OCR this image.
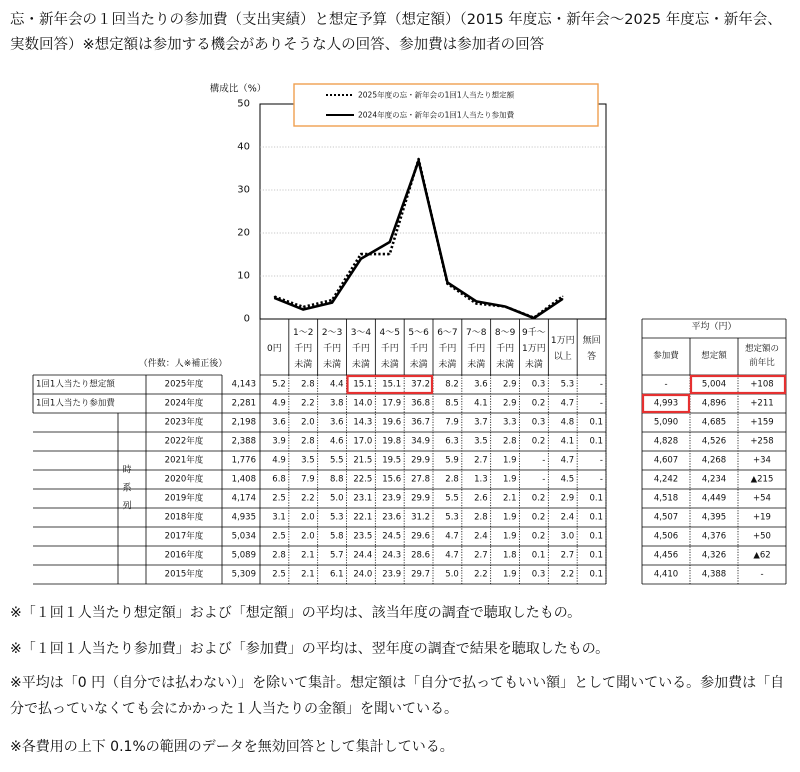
忘・新年会の１回当たりの参加費（支出実績）と想定予算（想定額）（2015 年度忘・新年会～2025 年度忘・新年会、実数回答）※想定額は参加する機会がありそうな人の回答、参加費は参加者の回答

0
10
20
30
40
50
構成比（%）
2025年度の忘・新年会の1回1人当たり想定額
2024年度の忘・新年会の1回1人当たり参加費
0円
1～2
千円
未満
2～3
千円
未満
3～4
千円
未満
4～5
千円
未満
5～6
千円
未満
6～7
千円
未満
7～8
千円
未満
8～9
千円
未満
9千～
1万円
未満
1万円
以上
無回
答
（件数：人※補正後）
平均（円）
参加費	想定額
想定額の
前年比
1回1人当たり想定額	2025年度	4,143 5.2 2.8 4.4 15.1 15.1 37.2 8.2 3.6 2.9 0.3 5.3	-	-	5,004	+108
1回1人当たり参加費	2024年度	2,281 4.9 2.2 3.8 14.0 17.9 36.8 8.5 4.1 2.9 0.2 4.7	-	4,993	4,896	+211
2023年度	2,198 3.6 2.0 3.6 14.3 19.6 36.7 7.9 3.7 3.3 0.3 4.8 0.1	5,090	4,685	+159
2022年度	2,388 3.9 2.8 4.6 17.0 19.8 34.9 6.3 3.5 2.8 0.2 4.1 0.1	4,828	4,526	+258
2021年度	1,776 4.9 3.5 5.5 21.5 19.5 29.9 5.9 2.7 1.9	- 4.7	-	4,607	4,268	+34
2020年度	1,408 6.8 7.9 8.8 22.5 15.6 27.8 2.8 1.3 1.9	- 4.5	-	4,242	4,234	▲215
2019年度	4,174 2.5 2.2 5.0 23.1 23.9 29.9 5.5 2.6 2.1 0.2 2.9 0.1	4,518	4,449	+54
2018年度	4,935 3.1 2.0 5.3 22.1 23.6 31.2 5.3 2.8 1.9 0.2 2.4 0.1	4,507	4,395	+19
2017年度	5,034 2.5 2.0 5.8 23.5 24.5 29.6 4.7 2.4 1.9 0.2 3.0 0.1	4,506	4,376	+50
2016年度	5,089 2.8 2.1 5.7 24.4 24.3 28.6 4.7 2.7 1.8 0.1 2.7 0.1	4,456	4,326	▲62
2015年度	5,309 2.5 2.1 6.1 24.0 23.9 29.7 5.0 2.2 1.9 0.3 2.2 0.1	4,410	4,388	-
時
系
列

※「１回１人当たり想定額」および「想定額」の平均は、該当年度の調査で聴取したもの。

※「１回１人当たり参加費」および「参加費」の平均は、翌年度の調査で結果を聴取したもの。

※平均は「0 円（自分では払わない）」を除いて集計。想定額は「自分で払ってもいい額」として聞いている。参加費は「自分で払っていなくても会にかかった１人当たりの金額」を聞いている。

※各費用の上下 0.1%の範囲のデータを無効回答として集計している。
